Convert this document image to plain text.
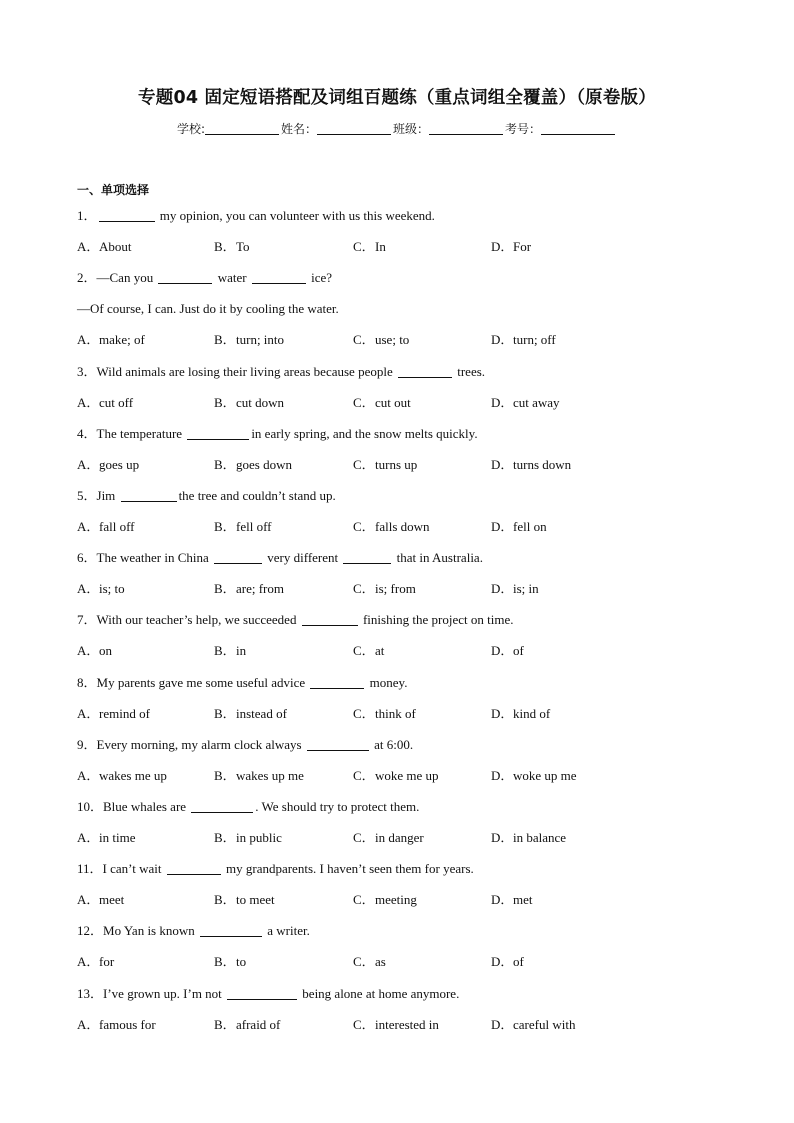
专题04 固定短语搭配及词组百题练（重点词组全覆盖）（原卷版）
学校:	姓名：	班级：	考号：
一、单项选择
1．	my opinion, you can volunteer with us this weekend.
A．About	B．To	C．In	D．For
2．—Can you	water	ice?
—Of course, I can. Just do it by cooling the water.
A．make; of	B．turn; into	C．use; to	D．turn; off
3．Wild animals are losing their living areas because people	trees.
A．cut off	B．cut down	C．cut out	D．cut away
4．The temperature	in early spring, and the snow melts quickly.
A．goes up	B．goes down	C．turns up	D．turns down
5．Jim	the tree and couldn’t stand up.
A．fall off	B．fell off	C．falls down	D．fell on
6．The weather in China	very different	that in Australia.
A．is; to	B．are; from	C．is; from	D．is; in
7．With our teacher’s help, we succeeded	finishing the project on time.
A．on	B．in	C．at	D．of
8．My parents gave me some useful advice	money.
A．remind of	B．instead of	C．think of	D．kind of
9．Every morning, my alarm clock always	at 6:00.
A．wakes me up	B．wakes up me	C．woke me up	D．woke up me
10．Blue whales are	. We should try to protect them.
A．in time	B．in public	C．in danger	D．in balance
11．I can’t wait	my grandparents. I haven’t seen them for years.
A．meet	B．to meet	C．meeting	D．met
12．Mo Yan is known	a writer.
A．for	B．to	C．as	D．of
13．I’ve grown up. I’m not	being alone at home anymore.
A．famous for	B．afraid of	C．interested in	D．careful with
